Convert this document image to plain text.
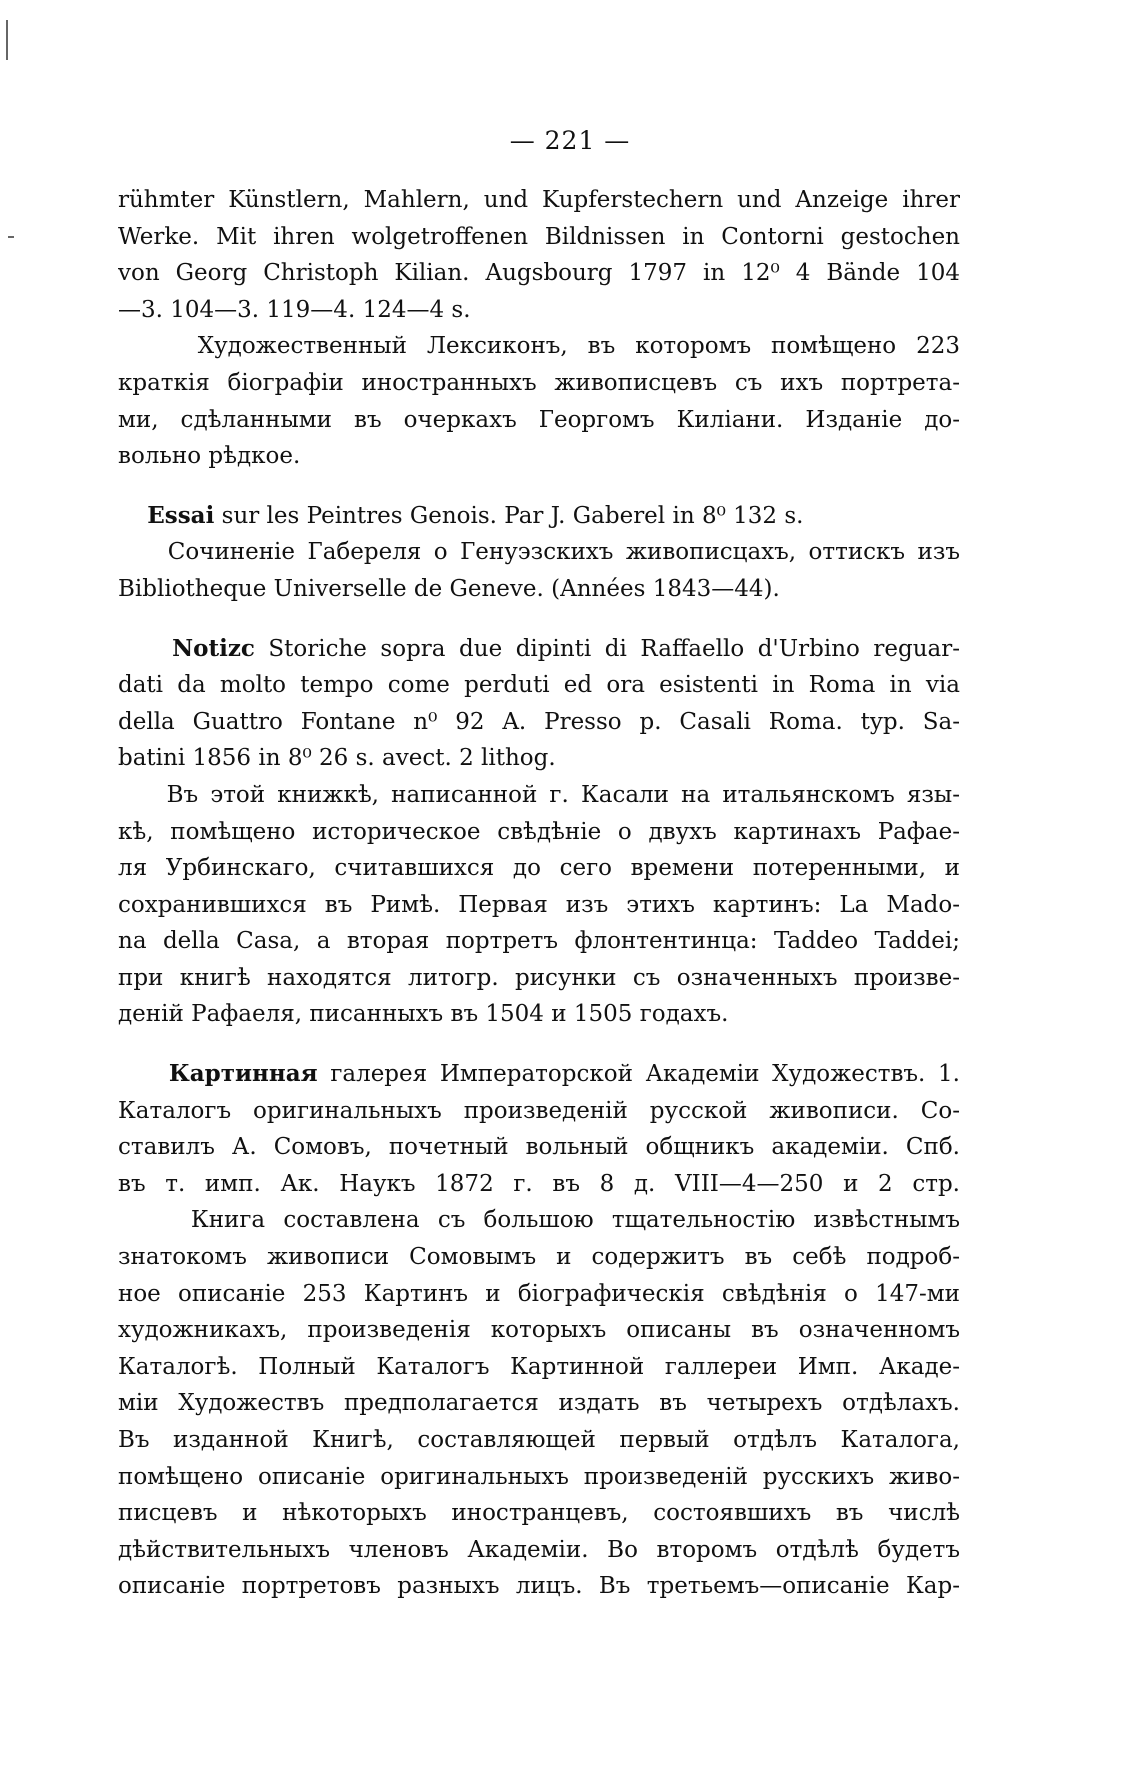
— 221 —
rühmter Künstlern, Mahlern, und Kupferstechern und Anzeige ihrer
Werke. Mit ihren wolgetroffenen Bildnissen in Contorni gestochen
von Georg Christoph Kilian. Augsbourg 1797 in 12⁰ 4 Bände 104
—3. 104—3. 119—4. 124—4 s.
Художественный Лексиконъ, въ которомъ помѣщено 223
краткія біографіи иностранныхъ живописцевъ съ ихъ портрета-
ми, сдѣланными въ очеркахъ Георгомъ Киліани. Изданіе до-
вольно рѣдкое.
Essai sur les Peintres Genois. Par J. Gaberel in 8⁰ 132 s.
Сочиненіе Габереля о Генуэзскихъ живописцахъ, оттискъ изъ
Bibliotheque Universelle de Geneve. (Années 1843—44).
Notizc Storiche sopra due dipinti di Raffaello d'Urbino reguar-
dati da molto tempo come perduti ed ora esistenti in Roma in via
della Guattro Fontane n⁰ 92 A. Presso p. Casali Roma. typ. Sa-
batini 1856 in 8⁰ 26 s. avect. 2 lithog.
Въ этой книжкѣ, написанной г. Касали на итальянскомъ язы-
кѣ, помѣщено историческое свѣдѣніе о двухъ картинахъ Рафае-
ля Урбинскаго, считавшихся до сего времени потеренными, и
сохранившихся въ Римѣ. Первая изъ этихъ картинъ: La Mado-
na della Casa, а вторая портретъ флонтентинца: Taddeo Taddei;
при книгѣ находятся литогр. рисунки съ означенныхъ произве-
деній Рафаеля, писанныхъ въ 1504 и 1505 годахъ.
Картинная галерея Императорской Академіи Художествъ. 1.
Каталогъ оригинальныхъ произведеній русской живописи. Со-
ставилъ А. Сомовъ, почетный вольный общникъ академіи. Спб.
въ т. имп. Ак. Наукъ 1872 г. въ 8 д. VIII—4—250 и 2 стр.
Книга составлена съ большою тщательностію извѣстнымъ
знатокомъ живописи Сомовымъ и содержитъ въ себѣ подроб-
ное описаніе 253 Картинъ и біографическія свѣдѣнія о 147-ми
художникахъ, произведенія которыхъ описаны въ означенномъ
Каталогѣ. Полный Каталогъ Картинной галлереи Имп. Акаде-
міи Художествъ предполагается издать въ четырехъ отдѣлахъ.
Въ изданной Книгѣ, составляющей первый отдѣлъ Каталога,
помѣщено описаніе оригинальныхъ произведеній русскихъ живо-
писцевъ и нѣкоторыхъ иностранцевъ, состоявшихъ въ числѣ
дѣйствительныхъ членовъ Академіи. Во второмъ отдѣлѣ будетъ
описаніе портретовъ разныхъ лицъ. Въ третьемъ—описаніе Кар-
